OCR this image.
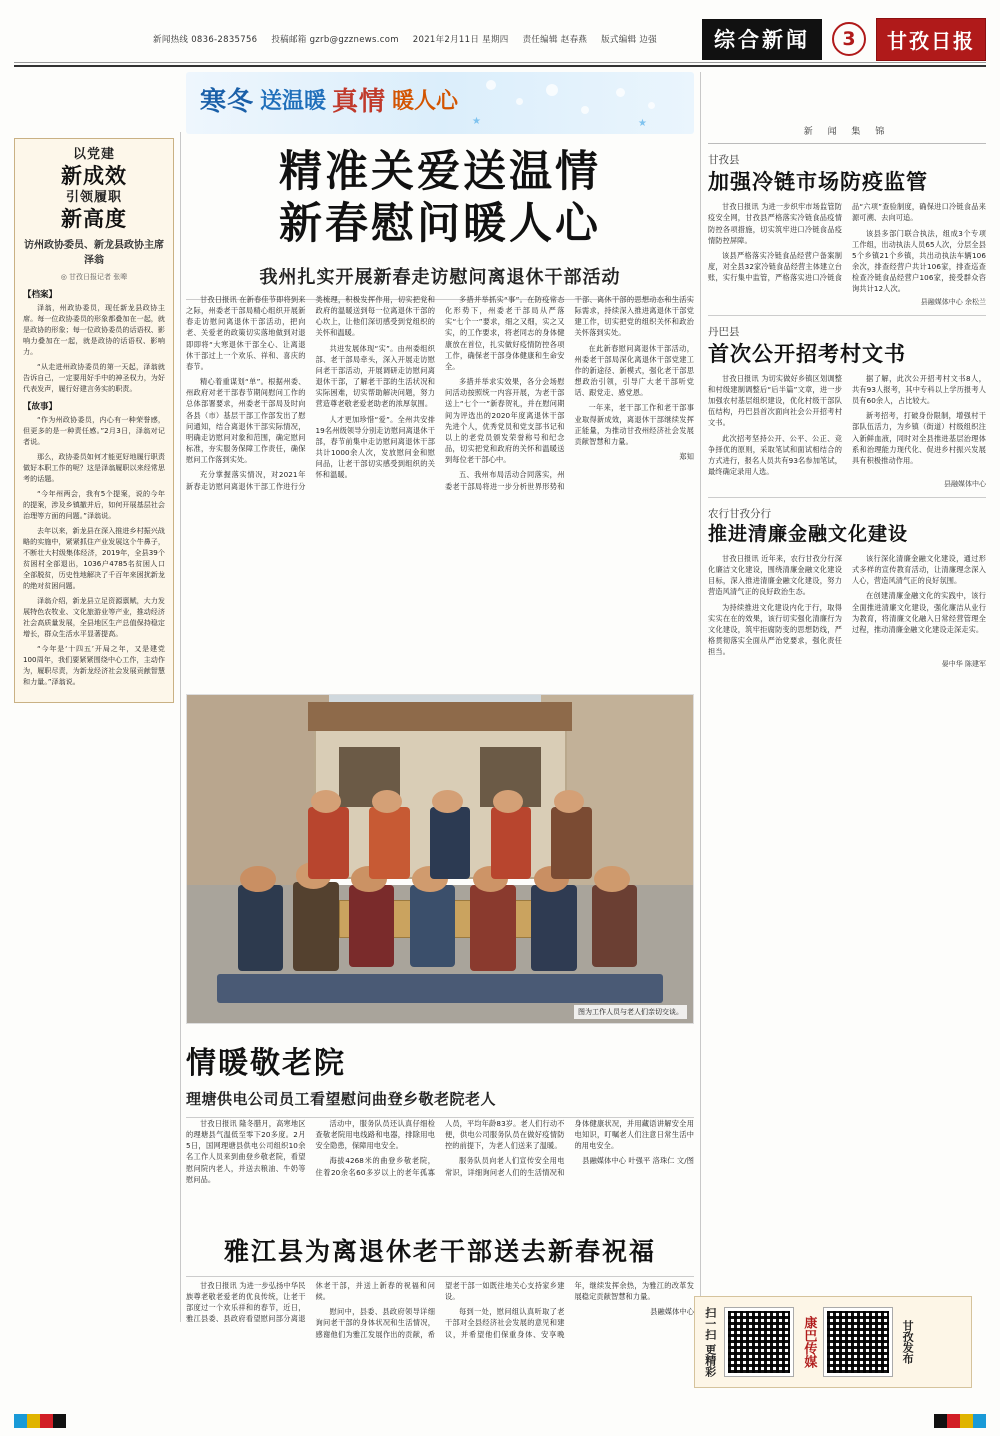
新闻热线 0836-2835756 投稿邮箱 gzrb@gzznews.com 2021年2月11日 星期四 责任编辑 赵春燕 版式编辑 边强	综合新闻	3	甘孜日报
寒冬 送温暖 真情 暖人心
★	★
精准关爱送温情
新春慰问暖人心
我州扎实开展新春走访慰问离退休干部活动

甘孜日报讯 在新春佳节即将到来之际，州委老干部局精心组织开展新春走访慰问离退休干部活动，把向老、关爱老的政策切实落地做到对退即即将“大寒退休干部全心、让离退休干部过上一个欢乐、祥和、喜庆的春节。

精心着重谋划“单”。根据州委、州政府对老干部春节期间慰问工作的总体部署要求，州委老干部局及时向各县（市）基层干部工作部发出了慰问通知，结合离退休干部实际情况，明确走访慰问对象和范围，确定慰问标准，夯实服务保障工作责任，确保慰问工作落到实处。

充分掌握落实情况，对2021年新春走访慰问离退休干部工作进行分类梳理，积极发挥作用，切实把党和政府的温暖送到每一位离退休干部的心坎上，让他们深切感受到党组织的关怀和温暖。

共进发展体现“实”。由州委组织部、老干部局牵头，深入开展走访慰问老干部活动，开展调研走访慰问离退休干部，了解老干部的生活状况和实际困难，切实帮助解决问题，努力营造尊老敬老爱老助老的浓厚氛围。

人才更加珍惜“爱”。全州共安排19名州级领导分别走访慰问离退休干部，春节前集中走访慰问离退休干部共计1000余人次，发放慰问金和慰问品，让老干部切实感受到组织的关怀和温暖。

多措并举抓实“事”。在防疫常态化形势下，州委老干部局从严落实“七个一”要求，细之又细，实之又实，的工作要求，将老同志的身体健康放在首位，扎实做好疫情防控各项工作，确保老干部身体健康和生命安全。

多措并举求实效果，各分会场慰问活动按照统一内容开展，为老干部送上“七个一”新春贺礼，并在慰问期间为评选出的2020年度离退休干部先进个人，优秀党员和党支部书记和以上的老党员颁发荣誉称号和纪念品，切实把党和政府的关怀和温暖送到每位老干部心中。

五、我州布局活动合同落实，州委老干部局将进一步分析世界形势和干部、离休干部的思想动态和生活实际需求，持续深入推进离退休干部党建工作，切实把党的组织关怀和政治关怀落到实处。

在此新春慰问离退休干部活动，州委老干部局深化离退休干部党建工作的新途径、新模式，强化老干部思想政治引领，引导广大老干部听党话、跟党走、感党恩。

一年来，老干部工作和老干部事业取得新成效，离退休干部继续发挥正能量，为推动甘孜州经济社会发展贡献智慧和力量。

郑知
图为工作人员与老人们亲切交谈。
情暖敬老院
理塘供电公司员工看望慰问曲登乡敬老院老人

甘孜日报讯 隆冬腊月，高寒地区的理塘县气温低至零下20多度。2月5日，国网理塘县供电公司组织10余名工作人员来到曲登乡敬老院，看望慰问院内老人，并送去粮油、牛奶等慰问品。

活动中，服务队员还认真仔细检查敬老院用电线路和电器，排除用电安全隐患，保障用电安全。

海拔4268米的曲登乡敬老院，住着20余名60多岁以上的老年孤寡人员，平均年龄83岁。老人们行动不便，供电公司服务队员在做好疫情防控的前提下，为老人们送来了温暖。

服务队员向老人们宣传安全用电常识，详细询问老人们的生活情况和身体健康状况，并用藏语讲解安全用电知识，叮嘱老人们注意日常生活中的用电安全。

县融媒体中心 叶强平 洛珠仁 文/图
雅江县为离退休老干部送去新春祝福

甘孜日报讯 为进一步弘扬中华民族尊老敬老爱老的优良传统，让老干部度过一个欢乐祥和的春节，近日，雅江县委、县政府看望慰问部分离退休老干部，并送上新春的祝福和问候。

慰问中，县委、县政府领导详细询问老干部的身体状况和生活情况，感谢他们为雅江发展作出的贡献，希望老干部一如既往地关心支持家乡建设。

每到一处，慰问组认真听取了老干部对全县经济社会发展的意见和建议，并希望他们保重身体、安享晚年，继续发挥余热，为雅江的改革发展稳定贡献智慧和力量。

县融媒体中心
以党建
新成效
引领履职
新高度
访州政协委员、新龙县政协主席泽翁
◎ 甘孜日报记者 张嗥
【档案】

泽翁，州政协委员，现任新龙县政协主席。每一位政协委员的形象都叠加在一起，就是政协的形象；每一位政协委员的话语权、影响力叠加在一起，就是政协的话语权、影响力。

“从走进州政协委员的第一天起，泽翁就告诉自己，一定要用好手中的神圣权力，为好代表发声，履行好建言务实的职责。

【故事】

“作为州政协委员，内心有一种荣誉感，但更多的是一种责任感。”2月3日，泽翁对记者说。

那么，政协委员如何才能更好地履行职责做好本职工作的呢？这是泽翁履职以来经常思考的话题。

“今年州两会，我有5个提案，说的今年的提案，涉及乡镇撤并后，如何开展基层社会治理等方面的问题。”泽翁说。

去年以来，新龙县在深入推进乡村振兴战略的实施中，紧紧抓住产业发展这个牛鼻子，不断壮大村级集体经济，2019年，全县39个贫困村全部退出，1036户4785名贫困人口全部脱贫，历史性地解决了千百年来困扰新龙的绝对贫困问题。

泽翁介绍，新龙县立足资源禀赋，大力发展特色农牧业、文化旅游业等产业，推动经济社会高质量发展，全县地区生产总值保持稳定增长，群众生活水平显著提高。

“今年是‘十四五’开局之年，又是建党100周年，我们要紧紧围绕中心工作，主动作为，履职尽责，为新龙经济社会发展贡献智慧和力量。”泽翁说。

新 闻 集 锦
甘孜县
加强冷链市场防疫监管

甘孜日报讯 为进一步织牢市场监管防疫安全网，甘孜县严格落实冷链食品疫情防控各项措施，切实筑牢进口冷链食品疫情防控屏障。

该县严格落实冷链食品经营户备案制度，对全县32家冷链食品经营主体建立台账，实行集中监管，严格落实进口冷链食品“六项”查验制度，确保进口冷链食品来源可溯、去向可追。

该县多部门联合执法，组成3个专项工作组，出动执法人员65人次，分层全县5个乡镇21个乡镇，共出动执法车辆106余次，排查经营户共计106家，排查巡查检查冷链食品经营户106家，接受群众咨询共计12人次。

县融媒体中心 余松兰
丹巴县
首次公开招考村文书

甘孜日报讯 为切实做好乡镇区划调整和村级建制调整后“后半篇”文章，进一步加强农村基层组织建设，优化村级干部队伍结构，丹巴县首次面向社会公开招考村文书。

此次招考坚持公开、公平、公正、竞争择优的原则，采取笔试和面试相结合的方式进行，报名人员共有93名参加笔试，最终确定录用人选。

据了解，此次公开招考村文书8人，共有93人报考，其中专科以上学历报考人员有60余人，占比较大。

新考招考，打破身份限制，增强村干部队伍活力，为乡镇（街道）村级组织注入新鲜血液，同时对全县推进基层治理体系和治理能力现代化、促进乡村振兴发展具有积极推动作用。

县融媒体中心
农行甘孜分行
推进清廉金融文化建设

甘孜日报讯 近年来，农行甘孜分行深化廉洁文化建设，围绕清廉金融文化建设目标，深入推进清廉金融文化建设，努力营造风清气正的良好政治生态。

为持续推进文化建设内化于行，取得实实在在的效果，该行切实强化清廉行为文化建设，筑牢拒腐防变的思想防线，严格贯彻落实全面从严治党要求，强化责任担当。

该行深化清廉金融文化建设，通过形式多样的宣传教育活动，让清廉理念深入人心，营造风清气正的良好氛围。

在创建清廉金融文化的实践中，该行全面推进清廉文化建设，强化廉洁从业行为教育，将清廉文化融入日常经营管理全过程，推动清廉金融文化建设走深走实。

晏中华 陈建军
扫一扫 更精彩	康巴传媒	甘孜发布
